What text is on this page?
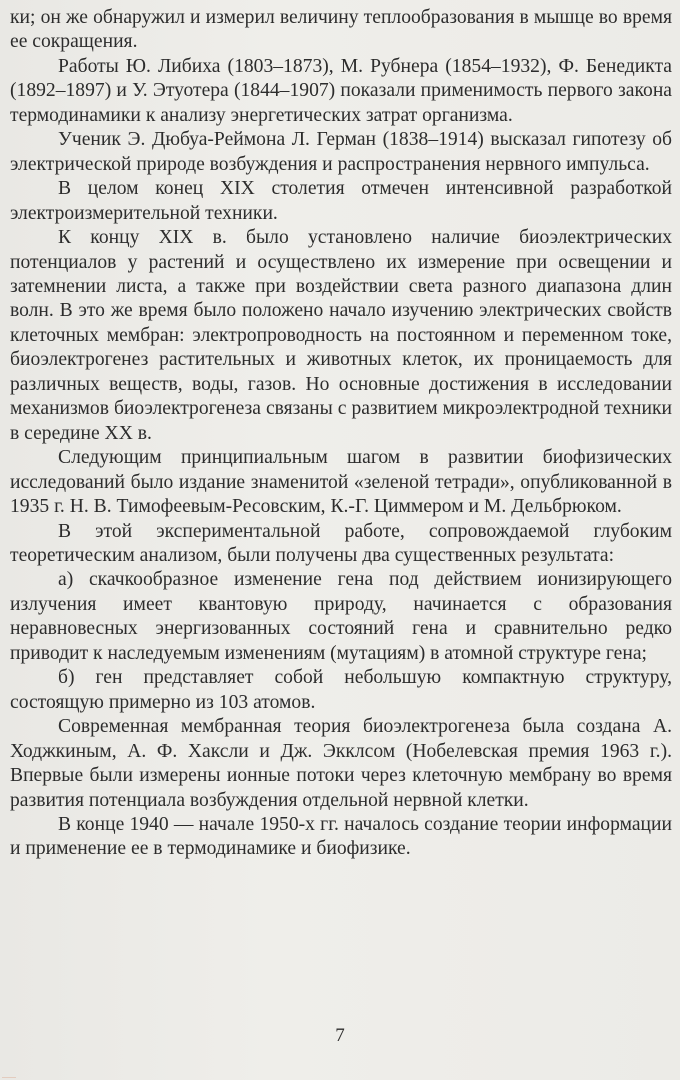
ки; он же обнаружил и измерил величину теплообразования в мышце во время ее сокращения.

Работы Ю. Либиха (1803–1873), М. Рубнера (1854–1932), Ф. Бенедикта (1892–1897) и У. Этуотера (1844–1907) показали применимость первого закона термодинамики к анализу энергетических затрат организма.

Ученик Э. Дюбуа-Реймона Л. Герман (1838–1914) высказал гипотезу об электрической природе возбуждения и распространения нервного импульса.

В целом конец XIX столетия отмечен интенсивной разработкой электроизмерительной техники.

К концу XIX в. было установлено наличие биоэлектрических потенциалов у растений и осуществлено их измерение при освещении и затемнении листа, а также при воздействии света разного диапазона длин волн. В это же время было положено начало изучению электрических свойств клеточных мембран: электропроводность на постоянном и переменном токе, биоэлектрогенез растительных и животных клеток, их проницаемость для различных веществ, воды, газов. Но основные достижения в исследовании механизмов биоэлектрогенеза связаны с развитием микроэлектродной техники в середине XX в.

Следующим принципиальным шагом в развитии биофизических исследований было издание знаменитой «зеленой тетради», опубликованной в 1935 г. Н. В. Тимофеевым-Ресовским, К.-Г. Циммером и М. Дельбрюком.

В этой экспериментальной работе, сопровождаемой глубоким теоретическим анализом, были получены два существенных результата:

а) скачкообразное изменение гена под действием ионизирующего излучения имеет квантовую природу, начинается с образования неравновесных энергизованных состояний гена и сравнительно редко приводит к наследуемым изменениям (мутациям) в атомной структуре гена;

б) ген представляет собой небольшую компактную структуру, состоящую примерно из 103 атомов.

Современная мембранная теория биоэлектрогенеза была создана А. Ходжкиным, А. Ф. Хаксли и Дж. Экклсом (Нобелевская премия 1963 г.). Впервые были измерены ионные потоки через клеточную мембрану во время развития потенциала возбуждения отдельной нервной клетки.

В конце 1940 — начале 1950-х гг. началось создание теории информации и применение ее в термодинамике и биофизике.

7
